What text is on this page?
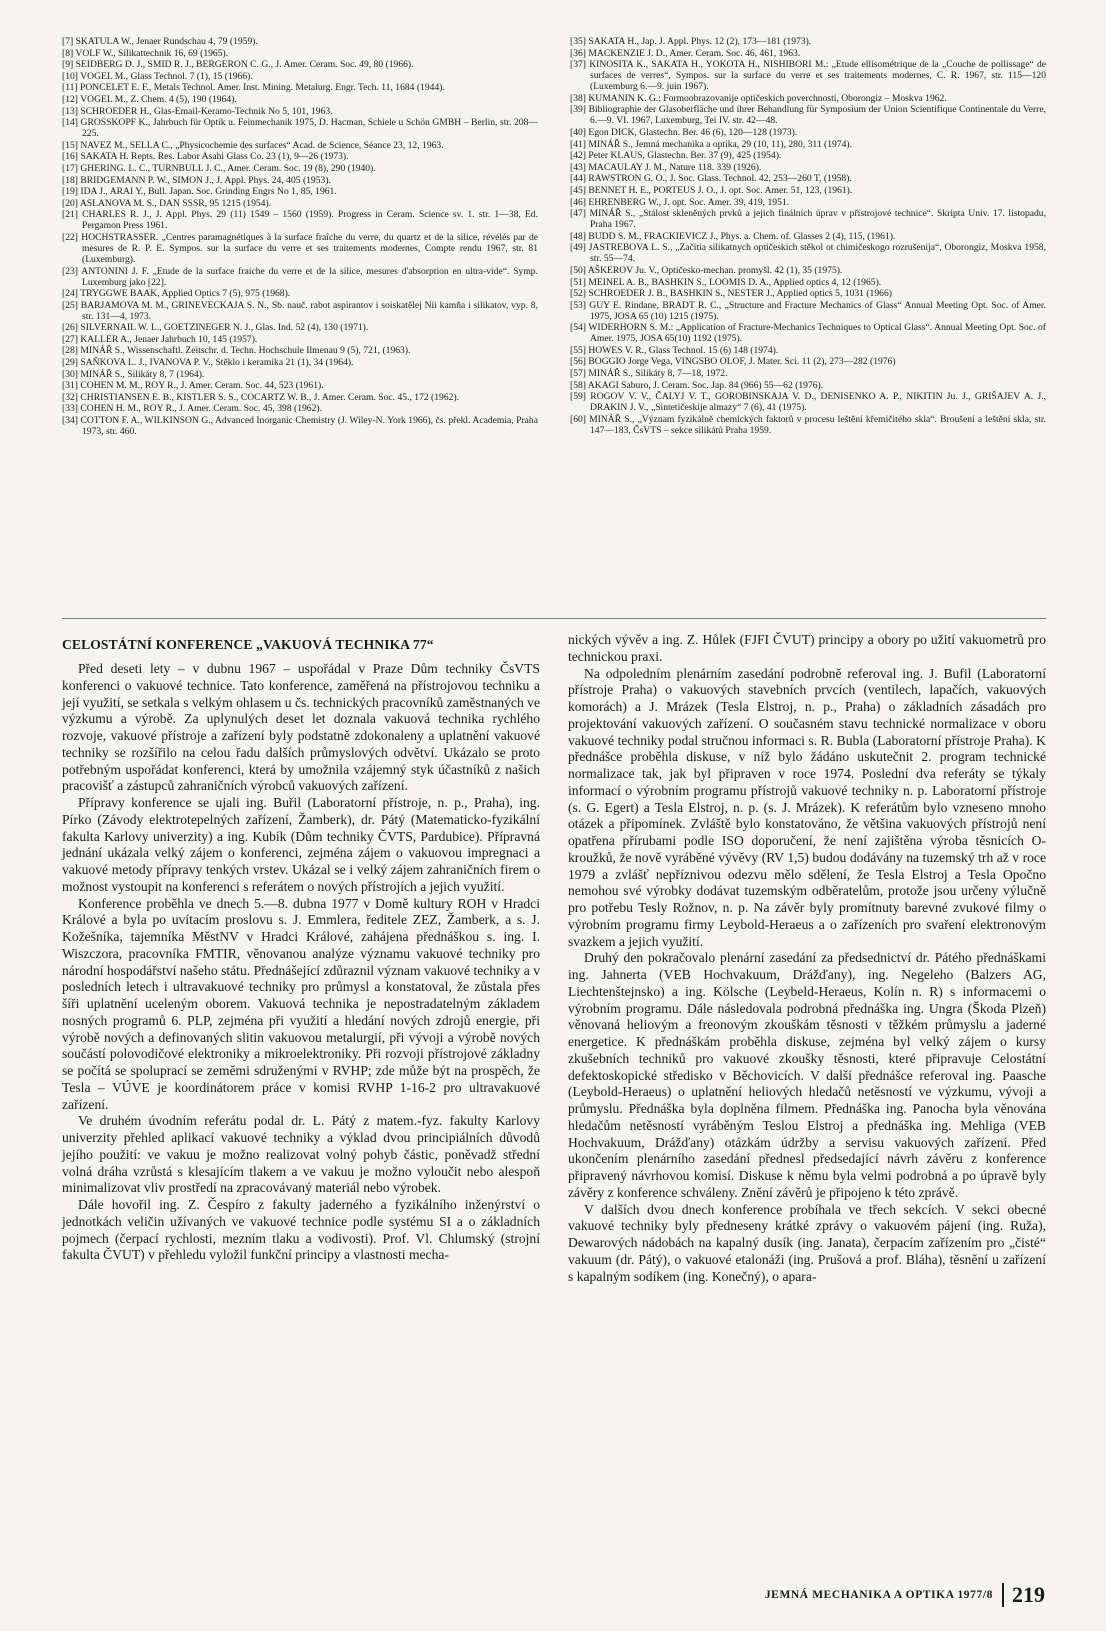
[7] SKATULA W., Jenaer Rundschau 4, 79 (1959).
[8] VOLF W., Silikattechnik 16, 69 (1965).
[9] SEIDBERG D. J., SMID R. J., BERGERON C. G., J. Amer. Ceram. Soc. 49, 80 (1966).
[10] VOGEL M., Glass Technol. 7 (1), 15 (1966).
[11] PONCELET E. F., Metals Technol. Amer. Inst. Mining. Metalurg. Engr. Tech. 11, 1684 (1944).
[12] VOGEL M., Z. Chem. 4 (5), 190 (1964).
[13] SCHROEDER H., Glas-Email-Keramo-Technik No 5, 101, 1963.
[14] GROSSKOPF K., Jahrbuch für Optik u. Feinmechanik 1975, D. Hacman, Schiele u Schön GMBH – Berlin, str. 208—225.
[15] NAVEZ M., SELLA C., „Physicochemie des surfaces“ Acad. de Science, Séance 23, 12, 1963.
[16] SAKATA H. Repts. Res. Labor Asahi Glass Co. 23 (1), 9—26 (1973).
[17] GHERING. L. C., TURNBULL J. C., Amer. Ceram. Soc. 19 (8), 290 (1940).
[18] BRIDGEMANN P. W., SIMON J., J. Appl. Phys. 24, 405 (1953).
[19] IDA J., ARAI Y., Bull. Japan. Soc. Grinding Engrs No 1, 85, 1961.
[20] ASLANOVA M. S., DAN SSSR, 95 1215 (1954).
[21] CHARLES R. J., J. Appl. Phys. 29 (11) 1549 – 1560 (1959). Progress in Ceram. Science sv. 1. str. 1—38, Ed. Pergamon Press 1961.
[22] HOCHSTRASSER. „Centres paramagnétiques à la surface fraîche du verre, du quartz et de la silice, révélés par de mesures de R. P. E. Sympos. sur la surface du verre et ses traitements modernes, Compte rendu 1967, str. 81 (Luxemburg).
[23] ANTONINI J. F. „Etude de la surface fraiche du verre et de la silice, mesures d'absorption en ultra-vide“. Symp. Luxemburg jako [22].
[24] TRYGGWE BAAK, Applied Optics 7 (5), 975 (1968).
[25] BARJAMOVA M. M., GRINEVECKAJA S. N., Sb. nauč. rabot aspirantov i soiskatělej Nii kamňa i silikatov, vyp. 8, str. 131—4, 1973.
[26] SILVERNAIL W. L., GOETZINEGER N. J., Glas. Ind. 52 (4), 130 (1971).
[27] KALLER A., Jenaer Jahrbuch 10, 145 (1957).
[28] MINÁŘ S., Wissenschaftl. Zeitschr. d. Techn. Hochschule Ilmenau 9 (5), 721, (1963).
[29] SAŇKOVA L. J., IVANOVA P. V., Stěklo i keramika 21 (1), 34 (1964).
[30] MINÁŘ S., Silikáty 8, 7 (1964).
[31] COHEN M. M., ROY R., J. Amer. Ceram. Soc. 44, 523 (1961).
[32] CHRISTIANSEN E. B., KISTLER S. S., COCARTZ W. B., J. Amer. Ceram. Soc. 45., 172 (1962).
[33] COHEN H. M., ROY R., J. Amer. Ceram. Soc. 45, 398 (1962).
[34] COTTON F. A., WILKINSON G., Advanced Inorganic Chemistry (J. Wiley-N. York 1966), čs. překl. Academia, Praha 1973, str. 460.
[35] SAKATA H., Jap. J. Appl. Phys. 12 (2), 173—181 (1973).
[36] MACKENZIE J. D., Amer. Ceram. Soc. 46, 461, 1963.
[37] KINOSITA K., SAKATA H., YOKOTA H., NISHIBORI M.: „Etude ellisométrique de la „Couche de pollissage“ de surfaces de verres“, Sympos. sur la surface du verre et ses traitements modernes, C. R. 1967, str. 115—120 (Luxemburg 6.—9. juin 1967).
[38] KUMANIN K. G.: Formoobrazovanije optičeskich poverchností, Oborongiz – Moskva 1962.
[39] Bibliographie der Glasoberfläche und ihrer Behandlung für Symposium der Union Scientifique Continentale du Verre, 6.—9. VI. 1967, Luxemburg, Tei IV. str. 42—48.
[40] Egon DICK, Glastechn. Ber. 46 (6), 120—128 (1973).
[41] MINÁŘ S., Jemná mechanika a optika, 29 (10, 11), 280, 311 (1974).
[42] Peter KLAUS, Glastechn. Ber. 37 (9), 425 (1954).
[43] MACAULAY J. M., Nature 118. 339 (1926).
[44] RAWSTRON G. O., J. Soc. Glass. Technol. 42, 253—260 T, (1958).
[45] BENNET H. E., PORTEUS J. O., J. opt. Soc. Amer. 51, 123, (1961).
[46] EHRENBERG W., J. opt. Soc. Amer. 39, 419, 1951.
[47] MINÁŘ S., „Stálost skleněných prvků a jejich finálních úprav v přístrojové technice“. Skripta Univ. 17. listopadu, Praha 1967.
[48] BUDD S. M., FRACKIEVICZ J., Phys. a. Chem. of. Glasses 2 (4), 115, (1961).
[49] JASTREBOVA L. S., „Začitia silikatnych optičeskich stěkol ot chimičeskogo rozrušenija“, Oborongiz, Moskva 1958, str. 55—74.
[50] AŠKEROV Ju. V., Optičesko-mechan. promyšl. 42 (1), 35 (1975).
[51] MEINEL A. B., BASHKIN S., LOOMIS D. A., Applied optics 4, 12 (1965).
[52] SCHROEDER J. B., BASHKIN S., NESTER J., Applied optics 5, 1031 (1966)
[53] GUY E. Rindane, BRADT R. C., „Structure and Fracture Mechanics of Glass“ Annual Meeting Opt. Soc. of Amer. 1975, JOSA 65 (10) 1215 (1975).
[54] WIDERHORN S. M.: „Application of Fracture-Mechanics Techniques to Optical Glass“. Annual Meeting Opt. Soc. of Amer. 1975, JOSA 65(10) 1192 (1975).
[55] HOWES V. R., Glass Technol. 15 (6) 148 (1974).
[56] BOGGIO Jorge Vega, VINGSBO OLOF, J. Mater. Sci. 11 (2), 273—282 (1976)
[57] MINÁŘ S., Silikáty 8, 7—18, 1972.
[58] AKAGI Saburo, J. Ceram. Soc. Jap. 84 (966) 55—62 (1976).
[59] ROGOV V. V., ČALYJ V. T., GOROBINSKAJA V. D., DENISENKO A. P., NIKITIN Ju. J., GRIŠAJEV A. J., DRAKIN J. V., „Sintetičeskije almazy“ 7 (6), 41 (1975).
[60] MINÁŘ S., „Význam fyzikálně chemických faktorů v procesu leštění křemičitého skla“. Broušení a leštění skla, str. 147—183, ČsVTS – sekce silikátů Praha 1959.
CELOSTÁTNÍ KONFERENCE „VAKUOVÁ TECHNIKA 77“
Před deseti lety – v dubnu 1967 – uspořádal v Praze Dům techniky ČsVTS konferenci o vakuové technice. Tato konference, zaměřená na přístrojovou techniku a její využití, se setkala s velkým ohlasem u čs. technických pracovníků zaměstnaných ve výzkumu a výrobě. Za uplynulých deset let doznala vakuová technika rychlého rozvoje, vakuové přístroje a zařízení byly podstatně zdokonaleny a uplatnění vakuové techniky se rozšířilo na celou řadu dalších průmyslových odvětví. Ukázalo se proto potřebným uspořádat konferenci, která by umožnila vzájemný styk účastníků z našich pracovišť a zástupců zahraničních výrobců vakuových zařízení.
Přípravy konference se ujali ing. Buřil (Laboratorní přístroje, n. p., Praha), ing. Pírko (Závody elektrotepelných zařízení, Žamberk), dr. Pátý (Matematicko-fyzikální fakulta Karlovy univerzity) a ing. Kubík (Dům techniky ČVTS, Pardubice). Přípravná jednání ukázala velký zájem o konferenci, zejména zájem o vakuovou impregnaci a vakuové metody přípravy tenkých vrstev. Ukázal se i velký zájem zahraničních firem o možnost vystoupit na konferenci s referátem o nových přístrojích a jejich využití.
Konference proběhla ve dnech 5.—8. dubna 1977 v Domě kultury ROH v Hradci Králové a byla po uvítacím proslovu s. J. Emmlera, ředitele ZEZ, Žamberk, a s. J. Kožešníka, tajemníka MěstNV v Hradci Králové, zahájena přednáškou s. ing. I. Wiszczora, pracovníka FMTIR, věnovanou analýze významu vakuové techniky pro národní hospodářství našeho státu. Přednášející zdůraznil význam vakuové techniky a v posledních letech i ultravakuové techniky pro průmysl a konstatoval, že zůstala přes šíři uplatnění uceleným oborem. Vakuová technika je nepostradatelným základem nosných programů 6. PLP, zejména při využití a hledání nových zdrojů energie, při výrobě nových a definovaných slitin vakuovou metalurgií, při vývoji a výrobě nových součástí polovodičové elektroniky a mikroelektroniky. Při rozvoji přístrojové základny se počítá se spoluprací se zeměmi sdruženými v RVHP; zde může být na prospěch, že Tesla – VÚVE je koordinátorem práce v komisi RVHP 1-16-2 pro ultravakuové zařízení.
Ve druhém úvodním referátu podal dr. L. Pátý z matem.-fyz. fakulty Karlovy univerzity přehled aplikací vakuové techniky a výklad dvou principiálních důvodů jejího použití: ve vakuu je možno realizovat volný pohyb částic, poněvadž střední volná dráha vzrůstá s klesajícím tlakem a ve vakuu je možno vyloučit nebo alespoň minimalizovat vliv prostředí na zpracovávaný materiál nebo výrobek.
Dále hovořil ing. Z. Čespíro z fakulty jaderného a fyzikálního inženýrství o jednotkách veličin užívaných ve vakuové technice podle systému SI a o základních pojmech (čerpací rychlosti, mezním tlaku a vodivosti). Prof. Vl. Chlumský (strojní fakulta ČVUT) v přehledu vyložil funkční principy a vlastnosti mecha-
nických vývěv a ing. Z. Hůlek (FJFI ČVUT) principy a obory po užití vakuometrů pro technickou praxi.
Na odpoledním plenárním zasedání podrobně referoval ing. J. Bufil (Laboratorní přístroje Praha) o vakuových stavebních prvcích (ventilech, lapačích, vakuových komorách) a J. Mrázek (Tesla Elstroj, n. p., Praha) o základních zásadách pro projektování vakuových zařízení. O současném stavu technické normalizace v oboru vakuové techniky podal stručnou informaci s. R. Bubla (Laboratorní přístroje Praha). K přednášce proběhla diskuse, v níž bylo žádáno uskutečnit 2. program technické normalizace tak, jak byl připraven v roce 1974. Poslední dva referáty se týkaly informací o výrobním programu přístrojů vakuové techniky n. p. Laboratorní přístroje (s. G. Egert) a Tesla Elstroj, n. p. (s. J. Mrázek). K referátům bylo vzneseno mnoho otázek a připomínek. Zvláště bylo konstatováno, že většina vakuových přístrojů není opatřena přírubami podle ISO doporučení, že není zajištěna výroba těsnicích O-kroužků, že nově vyráběné vývěvy (RV 1,5) budou dodávány na tuzemský trh až v roce 1979 a zvlášť nepříznivou odezvu mělo sdělení, že Tesla Elstroj a Tesla Opočno nemohou své výrobky dodávat tuzemským odběratelům, protože jsou určeny výlučně pro potřebu Tesly Rožnov, n. p. Na závěr byly promítnuty barevné zvukové filmy o výrobním programu firmy Leybold-Heraeus a o zařízeních pro svaření elektronovým svazkem a jejich využití.
Druhý den pokračovalo plenární zasedání za předsednictví dr. Pátého přednáškami ing. Jahnerta (VEB Hochvakuum, Drážďany), ing. Negeleho (Balzers AG, Liechtenštejnsko) a ing. Kölsche (Leybeld-Heraeus, Kolín n. R) s informacemi o výrobním programu. Dále následovala podrobná přednáška ing. Ungra (Škoda Plzeň) věnovaná heliovým a freonovým zkouškám těsnosti v těžkém průmyslu a jaderné energetice. K přednáškám proběhla diskuse, zejména byl velký zájem o kursy zkušebních techniků pro vakuové zkoušky těsnosti, které připravuje Celostátní defektoskopické středisko v Běchovicích. V další přednášce referoval ing. Paasche (Leybold-Heraeus) o uplatnění heliových hledačů netěsností ve výzkumu, vývoji a průmyslu. Přednáška byla doplněna filmem. Přednáška ing. Panocha byla věnována hledačům netěsností vyráběným Teslou Elstroj a přednáška ing. Mehliga (VEB Hochvakuum, Drážďany) otázkám údržby a servisu vakuových zařízení. Před ukončením plenárního zasedání přednesl předsedající návrh závěru z konference připravený návrhovou komisí. Diskuse k němu byla velmi podrobná a po úpravě byly závěry z konference schváleny. Znění závěrů je připojeno k této zprávě.
V dalších dvou dnech konference probíhala ve třech sekcích. V sekci obecné vakuové techniky byly předneseny krátké zprávy o vakuovém pájení (ing. Ruža), Dewarových nádobách na kapalný dusík (ing. Janata), čerpacím zařízením pro „čisté“ vakuum (dr. Pátý), o vakuové etalonáži (ing. Prušová a prof. Bláha), těsnění u zařízení s kapalným sodíkem (ing. Konečný), o apara-
JEMNÁ MECHANIKA A OPTIKA 1977/8 219
